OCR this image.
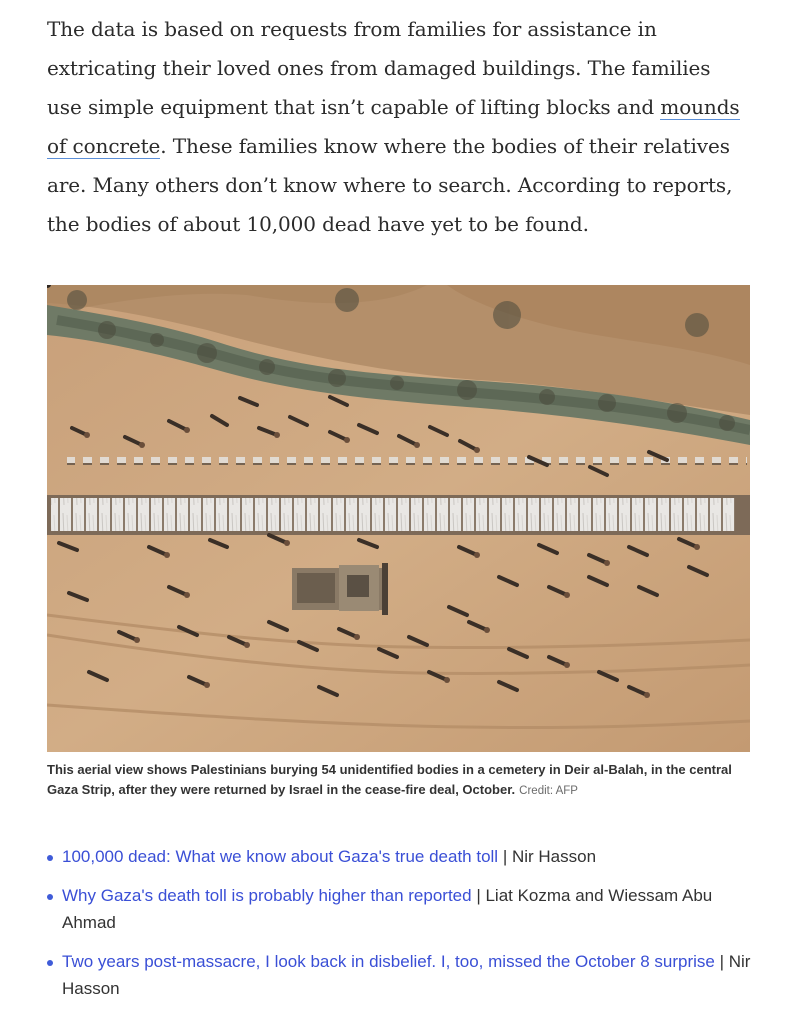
The data is based on requests from families for assistance in extricating their loved ones from damaged buildings. The families use simple equipment that isn’t capable of lifting blocks and mounds of concrete. These families know where the bodies of their relatives are. Many others don’t know where to search. According to reports, the bodies of about 10,000 dead have yet to be found.

This aerial view shows Palestinians burying 54 unidentified bodies in a cemetery in Deir al-Balah, in the central Gaza Strip, after they were returned by Israel in the cease-fire deal, October. Credit: AFP
100,000 dead: What we know about Gaza's true death toll | Nir Hasson
Why Gaza's death toll is probably higher than reported | Liat Kozma and Wiessam Abu Ahmad
Two years post-massacre, I look back in disbelief. I, too, missed the October 8 surprise | Nir Hasson
